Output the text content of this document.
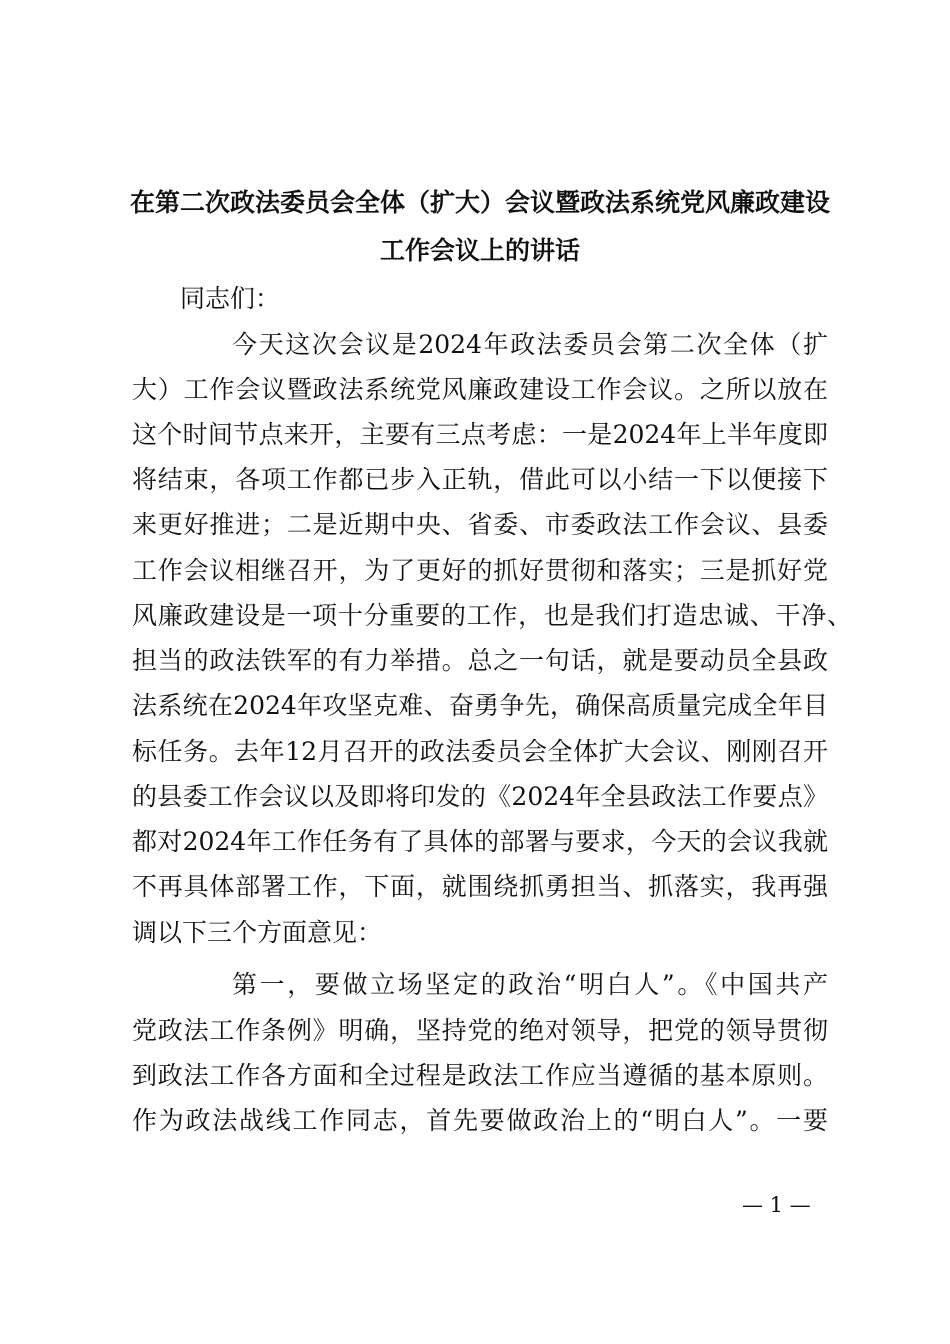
在第二次政法委员会全体（扩大）会议暨政法系统党风廉政建设
工作会议上的讲话

同志们：

今天这次会议是2024年政法委员会第二次全体（扩

大）工作会议暨政法系统党风廉政建设工作会议。之所以放在

这个时间节点来开，主要有三点考虑：一是2024年上半年度即

将结束，各项工作都已步入正轨，借此可以小结一下以便接下

来更好推进；二是近期中央、省委、市委政法工作会议、县委

工作会议相继召开，为了更好的抓好贯彻和落实；三是抓好党

风廉政建设是一项十分重要的工作，也是我们打造忠诚、干净、

担当的政法铁军的有力举措。总之一句话，就是要动员全县政

法系统在2024年攻坚克难、奋勇争先，确保高质量完成全年目

标任务。去年12月召开的政法委员会全体扩大会议、刚刚召开

的县委工作会议以及即将印发的《2024年全县政法工作要点》

都对2024年工作任务有了具体的部署与要求，今天的会议我就

不再具体部署工作，下面，就围绕抓勇担当、抓落实，我再强

调以下三个方面意见：

第一，要做立场坚定的政治“明白人”。《中国共产

党政法工作条例》明确，坚持党的绝对领导，把党的领导贯彻

到政法工作各方面和全过程是政法工作应当遵循的基本原则。

作为政法战线工作同志，首先要做政治上的“明白人”。一要

— 1 —
